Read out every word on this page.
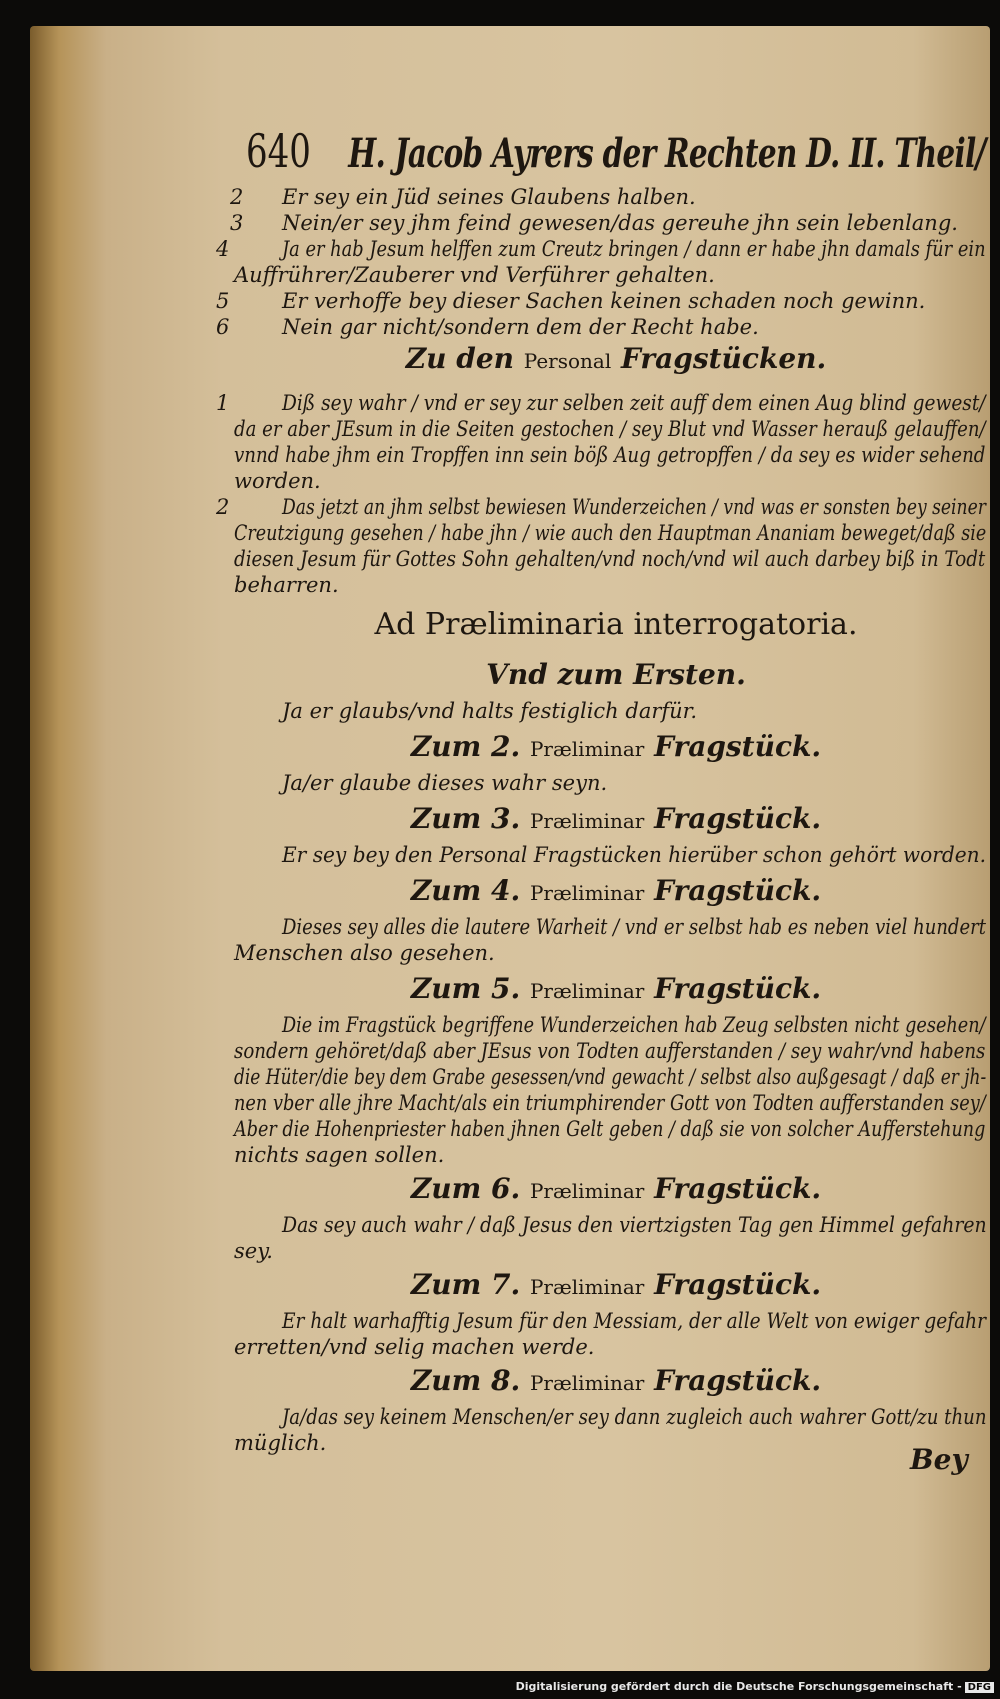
640 H. Jacob Ayrers der Rechten D. II. Theil/
2 Er sey ein Jüd seines Glaubens halben.
3 Nein/er sey jhm feind gewesen/das gereuhe jhn sein lebenlang.
4	Ja er hab Jesum helffen zum Creutz bringen / dann er habe jhn damals für ein
Auffrührer/Zauberer vnd Verführer gehalten.
5	Er verhoffe bey dieser Sachen keinen schaden noch gewinn.
6	Nein gar nicht/sondern dem der Recht habe.
Zu den Personal Fragstücken.
1	Diß sey wahr / vnd er sey zur selben zeit auff dem einen Aug blind gewest/
da er aber JEsum in die Seiten gestochen / sey Blut vnd Wasser herauß gelauffen/
vnnd habe jhm ein Tropffen inn sein böß Aug getropffen / da sey es wider sehend
worden.
2	Das jetzt an jhm selbst bewiesen Wunderzeichen / vnd was er sonsten bey seiner
Creutzigung gesehen / habe jhn / wie auch den Hauptman Ananiam beweget/daß sie
diesen Jesum für Gottes Sohn gehalten/vnd noch/vnd wil auch darbey biß in Todt
beharren.
Ad Præliminaria interrogatoria.
Vnd zum Ersten.
Ja er glaubs/vnd halts festiglich darfür.
Zum 2. Præliminar Fragstück.
Ja/er glaube dieses wahr seyn.
Zum 3. Præliminar Fragstück.
Er sey bey den Personal Fragstücken hierüber schon gehört worden.
Zum 4. Præliminar Fragstück.
Dieses sey alles die lautere Warheit / vnd er selbst hab es neben viel hundert
Menschen also gesehen.
Zum 5. Præliminar Fragstück.
Die im Fragstück begriffene Wunderzeichen hab Zeug selbsten nicht gesehen/
sondern gehöret/daß aber JEsus von Todten aufferstanden / sey wahr/vnd habens
die Hüter/die bey dem Grabe gesessen/vnd gewacht / selbst also außgesagt / daß er jh-
nen vber alle jhre Macht/als ein triumphirender Gott von Todten aufferstanden sey/
Aber die Hohenpriester haben jhnen Gelt geben / daß sie von solcher Aufferstehung
nichts sagen sollen.
Zum 6. Præliminar Fragstück.
Das sey auch wahr / daß Jesus den viertzigsten Tag gen Himmel gefahren
sey.
Zum 7. Præliminar Fragstück.
Er halt warhafftig Jesum für den Messiam, der alle Welt von ewiger gefahr
erretten/vnd selig machen werde.
Zum 8. Præliminar Fragstück.
Ja/das sey keinem Menschen/er sey dann zugleich auch wahrer Gott/zu thun
müglich.	Bey
Digitalisierung gefördert durch die Deutsche Forschungsgemeinschaft - DFG
